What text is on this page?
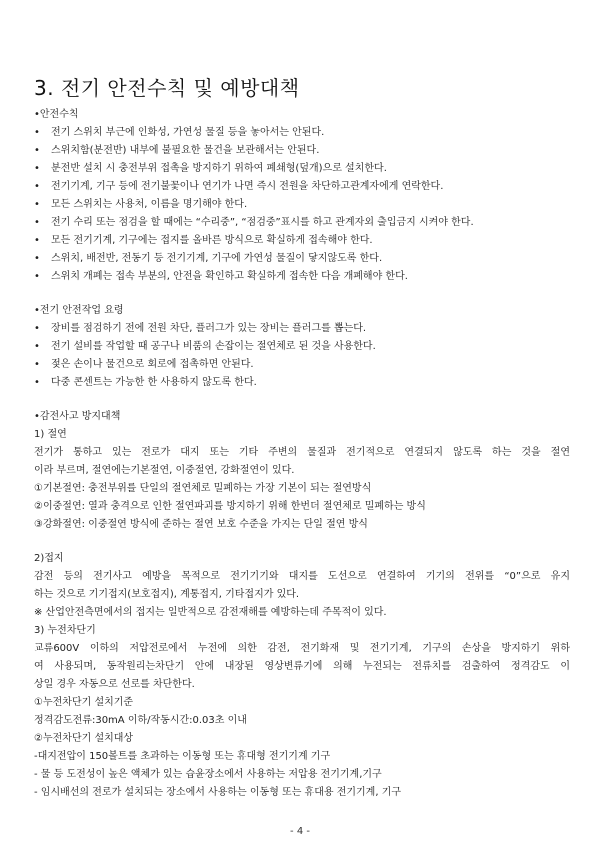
3. 전기 안전수칙 및 예방대책
•안전수칙
• 전기 스위치 부근에 인화성, 가연성 물질 등을 놓아서는 안된다.
• 스위치함(분전반) 내부에 불필요한 물건을 보관해서는 안된다.
• 분전반 설치 시 충전부위 접촉을 방지하기 위하여 폐쇄형(덮개)으로 설치한다.
• 전기기계, 기구 등에 전기불꽃이나 연기가 나면 즉시 전원을 차단하고관계자에게 연락한다.
• 모든 스위치는 사용처, 이름을 명기해야 한다.
• 전기 수리 또는 점검을 할 때에는 “수리중”, “점검중”표시를 하고 관계자외 출입금지 시켜야 한다.
• 모든 전기기계, 기구에는 접지를 올바른 방식으로 확실하게 접속해야 한다.
• 스위치, 배전반, 전동기 등 전기기계, 기구에 가연성 물질이 닿지않도록 한다.
• 스위치 개폐는 접속 부분의, 안전을 확인하고 확실하게 접속한 다음 개폐해야 한다.
•전기 안전작업 요령
• 장비를 점검하기 전에 전원 차단, 플러그가 있는 장비는 플러그를 뽑는다.
• 전기 설비를 작업할 때 공구나 비품의 손잡이는 절연체로 된 것을 사용한다.
• 젖은 손이나 물건으로 회로에 접촉하면 안된다.
• 다중 콘센트는 가능한 한 사용하지 않도록 한다.
•감전사고 방지대책
1) 절연
전기가 통하고 있는 전로가 대지 또는 기타 주변의 물질과 전기적으로 연결되지 않도록 하는 것을 절연
이라 부르며, 절연에는기본절연, 이중절연, 강화절연이 있다.
①기본절연: 충전부위를 단일의 절연체로 밀폐하는 가장 기본이 되는 절연방식
②이중절연: 열과 충격으로 인한 절연파괴를 방지하기 위해 한번더 절연체로 밀폐하는 방식
③강화절연: 이중절연 방식에 준하는 절연 보호 수준을 가지는 단일 절연 방식
2)접지
감전 등의 전기사고 예방을 목적으로 전기기기와 대지를 도선으로 연결하여 기기의 전위를 “0”으로 유지
하는 것으로 기기접지(보호접지), 계통접지, 기타접지가 있다.
※ 산업안전측면에서의 접지는 일반적으로 감전재해를 예방하는데 주목적이 있다.
3) 누전차단기
교류600V 이하의 저압전로에서 누전에 의한 감전, 전기화재 및 전기기계, 기구의 손상을 방지하기 위하
여 사용되며, 동작원리는차단기 안에 내장된 영상변류기에 의해 누전되는 전류치를 검출하여 정격감도 이
상일 경우 자동으로 선로를 차단한다.
①누전차단기 설치기준
정격감도전류:30mA 이하/작동시간:0.03초 이내
②누전차단기 설치대상
-대지전압이 150볼트를 초과하는 이동형 또는 휴대형 전기기계 기구
- 물 등 도전성이 높은 액체가 있는 습윤장소에서 사용하는 저압용 전기기계,기구
- 임시배선의 전로가 설치되는 장소에서 사용하는 이동형 또는 휴대용 전기기계, 기구
- 4 -
